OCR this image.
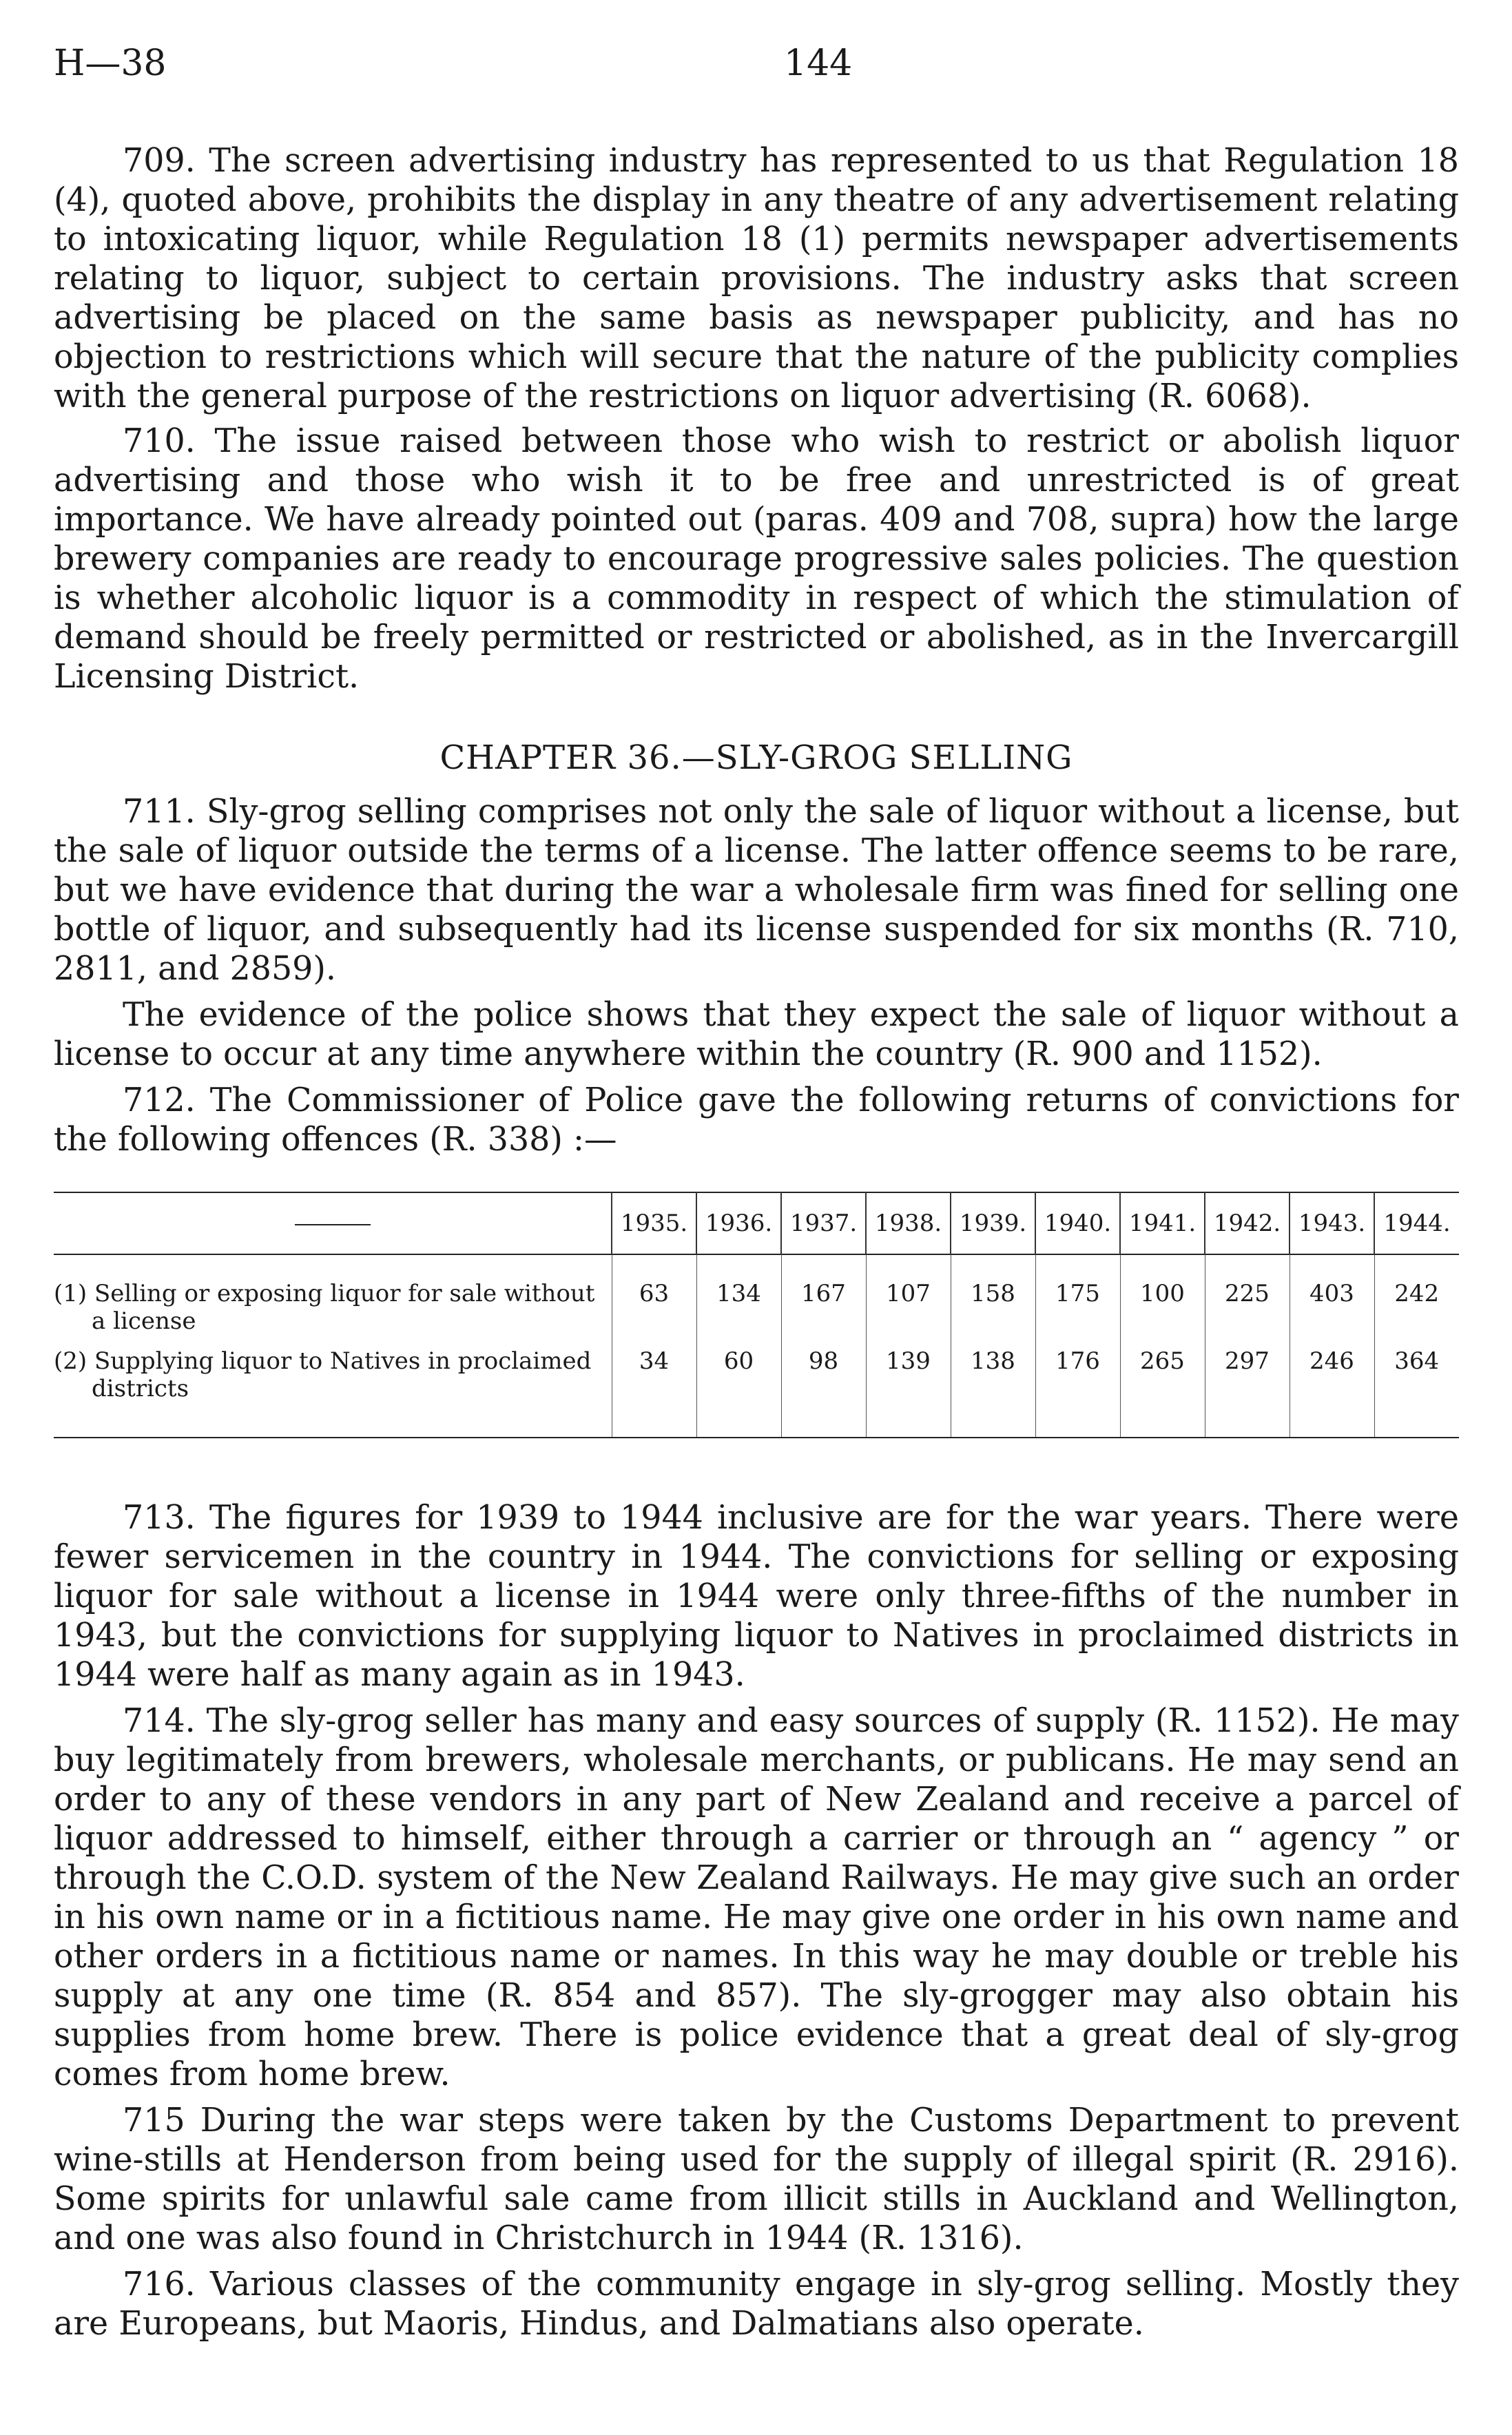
H—38	144

709. The screen advertising industry has represented to us that Regulation 18 (4), quoted above, prohibits the display in any theatre of any advertisement relating to intoxicating liquor, while Regulation 18 (1) permits newspaper advertisements relating to liquor, subject to certain provisions. The industry asks that screen advertising be placed on the same basis as newspaper publicity, and has no objection to restrictions which will secure that the nature of the publicity complies with the general purpose of the restrictions on liquor advertising (R. 6068).

710. The issue raised between those who wish to restrict or abolish liquor advertising and those who wish it to be free and unrestricted is of great importance. We have already pointed out (paras. 409 and 708, supra) how the large brewery companies are ready to encourage progressive sales policies. The question is whether alcoholic liquor is a commodity in respect of which the stimulation of demand should be freely permitted or restricted or abolished, as in the Invercargill Licensing District.

CHAPTER 36.—SLY-GROG SELLING

711. Sly-grog selling comprises not only the sale of liquor without a license, but the sale of liquor outside the terms of a license. The latter offence seems to be rare, but we have evidence that during the war a wholesale firm was fined for selling one bottle of liquor, and subsequently had its license suspended for six months (R. 710, 2811, and 2859).

The evidence of the police shows that they expect the sale of liquor without a license to occur at any time anywhere within the country (R. 900 and 1152).

712. The Commissioner of Police gave the following returns of convictions for the following offences (R. 338) :—

	1935.	1936.	1937.	1938.	1939.	1940.	1941.	1942.	1943.	1944.

(1) Selling or exposing liquor for sale without a license	63	134	167	107	158	175	100	225	403	242

(2) Supplying liquor to Natives in proclaimed districts	34	60	98	139	138	176	265	297	246	364

713. The figures for 1939 to 1944 inclusive are for the war years. There were fewer servicemen in the country in 1944. The convictions for selling or exposing liquor for sale without a license in 1944 were only three-fifths of the number in 1943, but the convictions for supplying liquor to Natives in proclaimed districts in 1944 were half as many again as in 1943.

714. The sly-grog seller has many and easy sources of supply (R. 1152). He may buy legitimately from brewers, wholesale merchants, or publicans. He may send an order to any of these vendors in any part of New Zealand and receive a parcel of liquor addressed to himself, either through a carrier or through an “ agency ” or through the C.O.D. system of the New Zealand Railways. He may give such an order in his own name or in a fictitious name. He may give one order in his own name and other orders in a fictitious name or names. In this way he may double or treble his supply at any one time (R. 854 and 857). The sly-grogger may also obtain his supplies from home brew. There is police evidence that a great deal of sly-grog comes from home brew.

715 During the war steps were taken by the Customs Department to prevent wine-stills at Henderson from being used for the supply of illegal spirit (R. 2916). Some spirits for unlawful sale came from illicit stills in Auckland and Wellington, and one was also found in Christchurch in 1944 (R. 1316).

716. Various classes of the community engage in sly-grog selling. Mostly they are Europeans, but Maoris, Hindus, and Dalmatians also operate.
